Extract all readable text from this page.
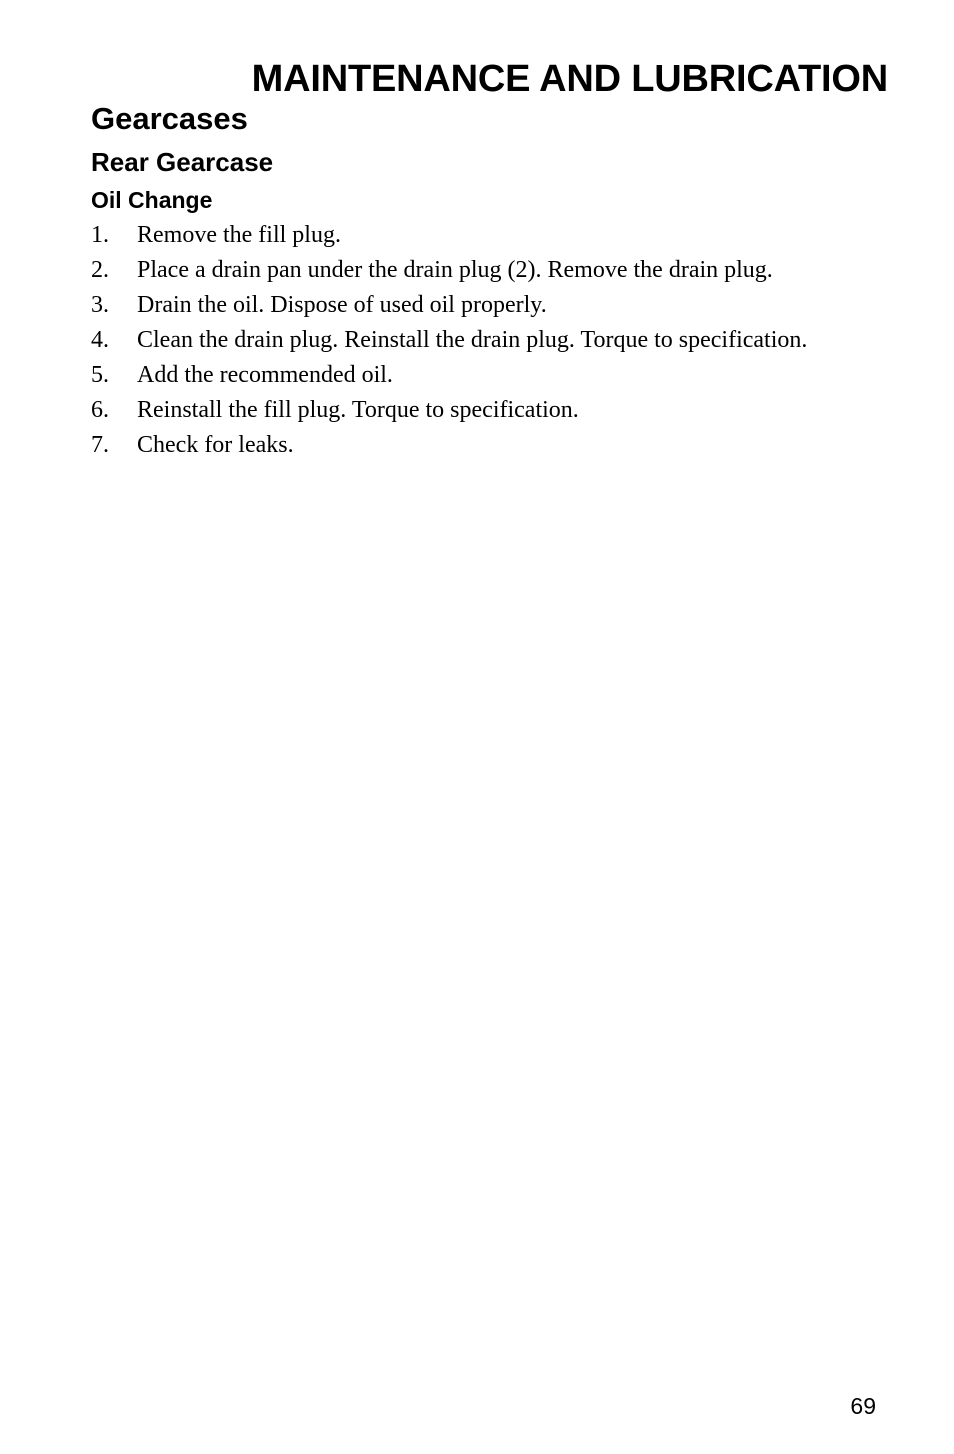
MAINTENANCE AND LUBRICATION
Gearcases
Rear Gearcase
Oil Change
1.	Remove the fill plug.
2.	Place a drain pan under the drain plug (2). Remove the drain plug.
3.	Drain the oil. Dispose of used oil properly.
4.	Clean the drain plug. Reinstall the drain plug. Torque to specification.
5.	Add the recommended oil.
6.	Reinstall the fill plug. Torque to specification.
7.	Check for leaks.

69
